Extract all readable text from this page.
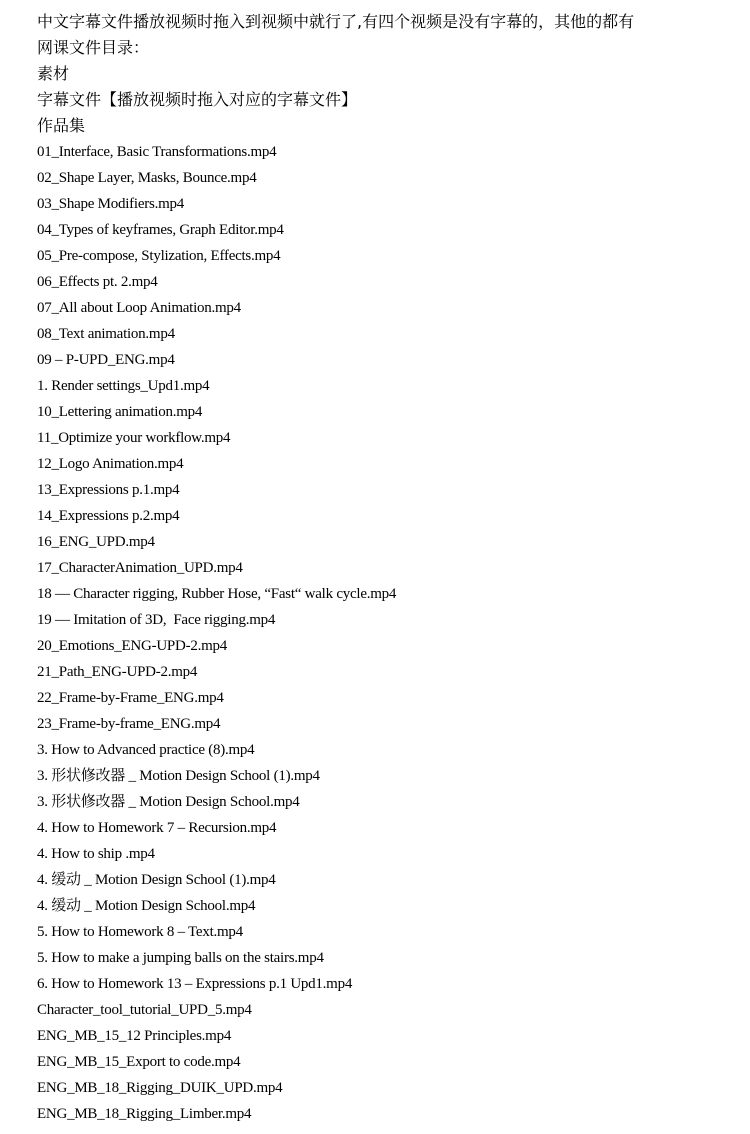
中文字幕文件播放视频时拖入到视频中就行了,有四个视频是没有字幕的，其他的都有
网课文件目录：
素材
字幕文件【播放视频时拖入对应的字幕文件】
作品集
01_Interface, Basic Transformations.mp4
02_Shape Layer, Masks, Bounce.mp4
03_Shape Modifiers.mp4
04_Types of keyframes, Graph Editor.mp4
05_Pre-compose, Stylization, Effects.mp4
06_Effects pt. 2.mp4
07_All about Loop Animation.mp4
08_Text animation.mp4
09 – P-UPD_ENG.mp4
1. Render settings_Upd1.mp4
10_Lettering animation.mp4
11_Optimize your workflow.mp4
12_Logo Animation.mp4
13_Expressions p.1.mp4
14_Expressions p.2.mp4
16_ENG_UPD.mp4
17_CharacterAnimation_UPD.mp4
18 — Character rigging, Rubber Hose, “Fast“ walk cycle.mp4
19 — Imitation of 3D,  Face rigging.mp4
20_Emotions_ENG-UPD-2.mp4
21_Path_ENG-UPD-2.mp4
22_Frame-by-Frame_ENG.mp4
23_Frame-by-frame_ENG.mp4
3. How to Advanced practice (8).mp4
3. 形状修改器 _ Motion Design School (1).mp4
3. 形状修改器 _ Motion Design School.mp4
4. How to Homework 7 – Recursion.mp4
4. How to ship .mp4
4. 缓动 _ Motion Design School (1).mp4
4. 缓动 _ Motion Design School.mp4
5. How to Homework 8 – Text.mp4
5. How to make a jumping balls on the stairs.mp4
6. How to Homework 13 – Expressions p.1 Upd1.mp4
Character_tool_tutorial_UPD_5.mp4
ENG_MB_15_12 Principles.mp4
ENG_MB_15_Export to code.mp4
ENG_MB_18_Rigging_DUIK_UPD.mp4
ENG_MB_18_Rigging_Limber.mp4
